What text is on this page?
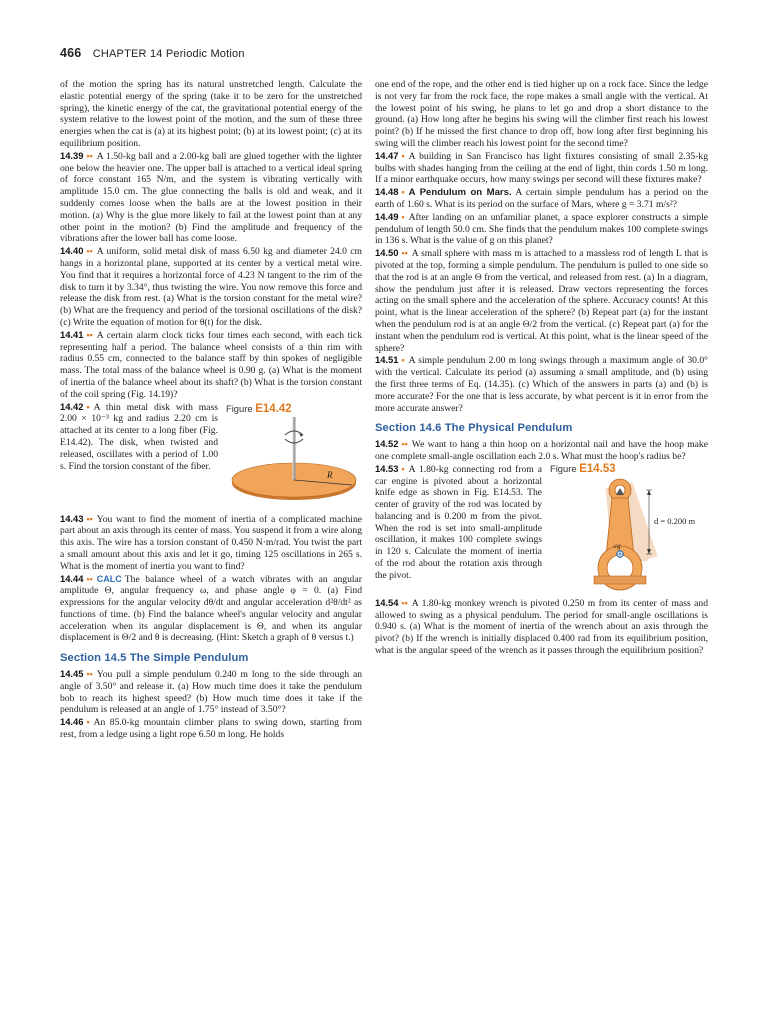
466 CHAPTER 14 Periodic Motion

of the motion the spring has its natural unstretched length. Calculate the elastic potential energy of the spring (take it to be zero for the unstretched spring), the kinetic energy of the cat, the gravitational potential energy of the system relative to the lowest point of the motion, and the sum of these three energies when the cat is (a) at its highest point; (b) at its lowest point; (c) at its equilibrium position.

14.39 •• A 1.50-kg ball and a 2.00-kg ball are glued together with the lighter one below the heavier one. The upper ball is attached to a vertical ideal spring of force constant 165 N/m, and the system is vibrating vertically with amplitude 15.0 cm. The glue connecting the balls is old and weak, and it suddenly comes loose when the balls are at the lowest position in their motion. (a) Why is the glue more likely to fail at the lowest point than at any other point in the motion? (b) Find the amplitude and frequency of the vibrations after the lower ball has come loose.

14.40 •• A uniform, solid metal disk of mass 6.50 kg and diameter 24.0 cm hangs in a horizontal plane, supported at its center by a vertical metal wire. You find that it requires a horizontal force of 4.23 N tangent to the rim of the disk to turn it by 3.34°, thus twisting the wire. You now remove this force and release the disk from rest. (a) What is the torsion constant for the metal wire? (b) What are the frequency and period of the torsional oscillations of the disk? (c) Write the equation of motion for θ(t) for the disk.

14.41 •• A certain alarm clock ticks four times each second, with each tick representing half a period. The balance wheel consists of a thin rim with radius 0.55 cm, connected to the balance staff by thin spokes of negligible mass. The total mass of the balance wheel is 0.90 g. (a) What is the moment of inertia of the balance wheel about its shaft? (b) What is the torsion constant of the coil spring (Fig. 14.19)?

Figure E14.42
R

14.42 • A thin metal disk with mass 2.00 × 10⁻³ kg and radius 2.20 cm is attached at its center to a long fiber (Fig. E14.42). The disk, when twisted and released, oscillates with a period of 1.00 s. Find the torsion constant of the fiber.

14.43 •• You want to find the moment of inertia of a complicated machine part about an axis through its center of mass. You suspend it from a wire along this axis. The wire has a torsion constant of 0.450 N·m/rad. You twist the part a small amount about this axis and let it go, timing 125 oscillations in 265 s. What is the moment of inertia you want to find?

14.44 •• CALC The balance wheel of a watch vibrates with an angular amplitude Θ, angular frequency ω, and phase angle φ = 0. (a) Find expressions for the angular velocity dθ/dt and angular acceleration d²θ/dt² as functions of time. (b) Find the balance wheel's angular velocity and angular acceleration when its angular displacement is Θ, and when its angular displacement is Θ/2 and θ is decreasing. (Hint: Sketch a graph of θ versus t.)

Section 14.5 The Simple Pendulum

14.45 •• You pull a simple pendulum 0.240 m long to the side through an angle of 3.50° and release it. (a) How much time does it take the pendulum bob to reach its highest speed? (b) How much time does it take if the pendulum is released at an angle of 1.75° instead of 3.50°?

14.46 • An 85.0-kg mountain climber plans to swing down, starting from rest, from a ledge using a light rope 6.50 m long. He holds

one end of the rope, and the other end is tied higher up on a rock face. Since the ledge is not very far from the rock face, the rope makes a small angle with the vertical. At the lowest point of his swing, he plans to let go and drop a short distance to the ground. (a) How long after he begins his swing will the climber first reach his lowest point? (b) If he missed the first chance to drop off, how long after first beginning his swing will the climber reach his lowest point for the second time?

14.47 • A building in San Francisco has light fixtures consisting of small 2.35-kg bulbs with shades hanging from the ceiling at the end of light, thin cords 1.50 m long. If a minor earthquake occurs, how many swings per second will these fixtures make?

14.48 • A Pendulum on Mars. A certain simple pendulum has a period on the earth of 1.60 s. What is its period on the surface of Mars, where g = 3.71 m/s²?

14.49 • After landing on an unfamiliar planet, a space explorer constructs a simple pendulum of length 50.0 cm. She finds that the pendulum makes 100 complete swings in 136 s. What is the value of g on this planet?

14.50 •• A small sphere with mass m is attached to a massless rod of length L that is pivoted at the top, forming a simple pendulum. The pendulum is pulled to one side so that the rod is at an angle Θ from the vertical, and released from rest. (a) In a diagram, show the pendulum just after it is released. Draw vectors representing the forces acting on the small sphere and the acceleration of the sphere. Accuracy counts! At this point, what is the linear acceleration of the sphere? (b) Repeat part (a) for the instant when the pendulum rod is at an angle Θ/2 from the vertical. (c) Repeat part (a) for the instant when the pendulum rod is vertical. At this point, what is the linear speed of the sphere?

14.51 • A simple pendulum 2.00 m long swings through a maximum angle of 30.0° with the vertical. Calculate its period (a) assuming a small amplitude, and (b) using the first three terms of Eq. (14.35). (c) Which of the answers in parts (a) and (b) is more accurate? For the one that is less accurate, by what percent is it in error from the more accurate answer?

Section 14.6 The Physical Pendulum

14.52 •• We want to hang a thin hoop on a horizontal nail and have the hoop make one complete small-angle oscillation each 2.0 s. What must the hoop's radius be?

Figure E14.53
cg
d = 0.200 m

14.53 • A 1.80-kg connecting rod from a car engine is pivoted about a horizontal knife edge as shown in Fig. E14.53. The center of gravity of the rod was located by balancing and is 0.200 m from the pivot. When the rod is set into small-amplitude oscillation, it makes 100 complete swings in 120 s. Calculate the moment of inertia of the rod about the rotation axis through the pivot.

14.54 •• A 1.80-kg monkey wrench is pivoted 0.250 m from its center of mass and allowed to swing as a physical pendulum. The period for small-angle oscillations is 0.940 s. (a) What is the moment of inertia of the wrench about an axis through the pivot? (b) If the wrench is initially displaced 0.400 rad from its equilibrium position, what is the angular speed of the wrench as it passes through the equilibrium position?
